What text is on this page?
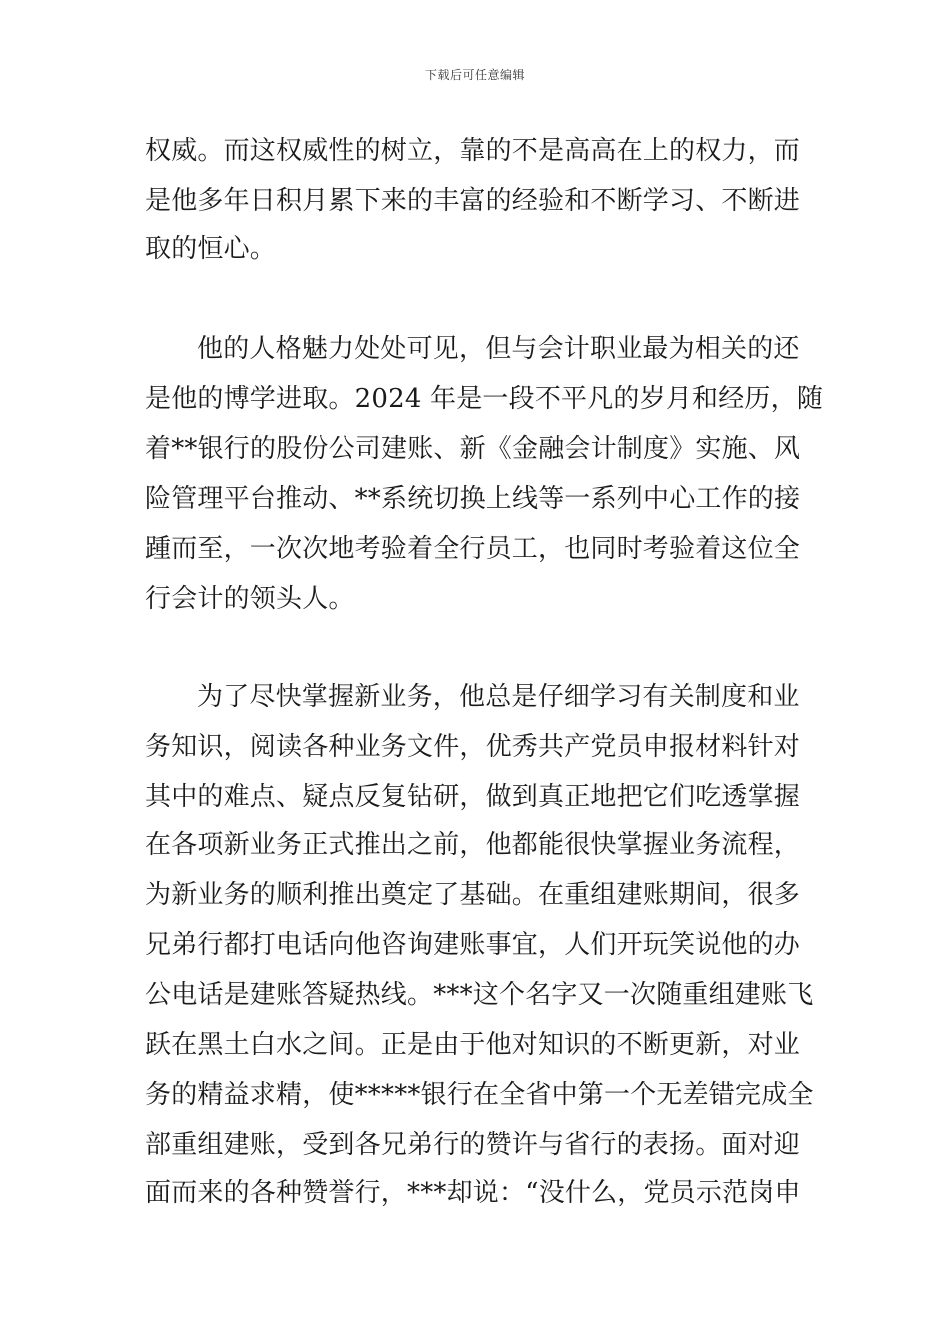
下载后可任意编辑
权威。而这权威性的树立，靠的不是高高在上的权力，而
是他多年日积月累下来的丰富的经验和不断学习、不断进
取的恒心。
他的人格魅力处处可见，但与会计职业最为相关的还
是他的博学进取。2024 年是一段不平凡的岁月和经历，随
着**银行的股份公司建账、新《金融会计制度》实施、风
险管理平台推动、**系统切换上线等一系列中心工作的接
踵而至，一次次地考验着全行员工，也同时考验着这位全
行会计的领头人。
为了尽快掌握新业务，他总是仔细学习有关制度和业
务知识，阅读各种业务文件，优秀共产党员申报材料针对
其中的难点、疑点反复钻研，做到真正地把它们吃透掌握
在各项新业务正式推出之前，他都能很快掌握业务流程，
为新业务的顺利推出奠定了基础。在重组建账期间，很多
兄弟行都打电话向他咨询建账事宜，人们开玩笑说他的办
公电话是建账答疑热线。***这个名字又一次随重组建账飞
跃在黑土白水之间。正是由于他对知识的不断更新，对业
务的精益求精，使*****银行在全省中第一个无差错完成全
部重组建账，受到各兄弟行的赞许与省行的表扬。面对迎
面而来的各种赞誉行，***却说：“没什么，党员示范岗申
